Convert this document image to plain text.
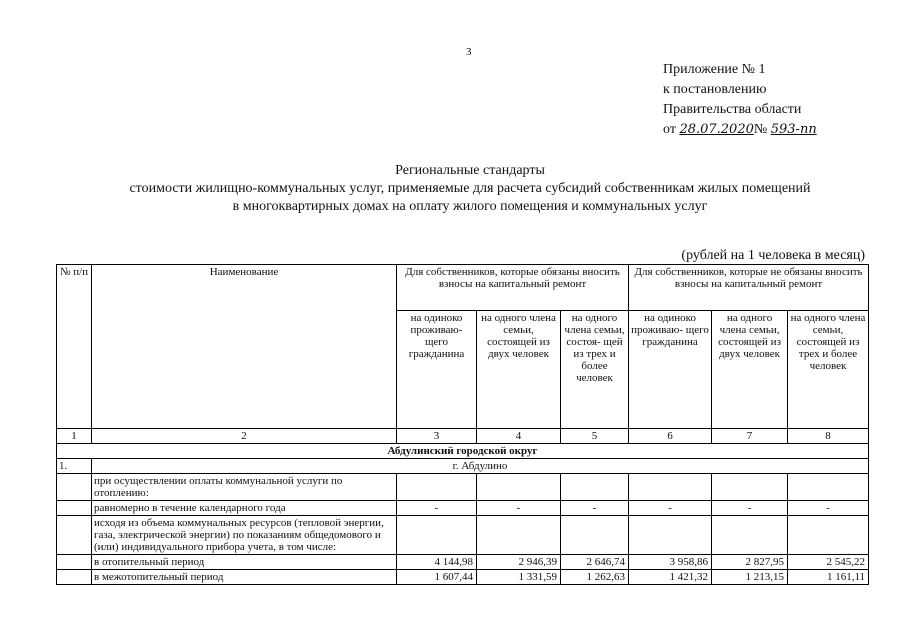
3
Приложение № 1
к постановлению
Правительства области
от 28.07.2020№ 593-пп
Региональные стандарты
стоимости жилищно-коммунальных услуг, применяемые для расчета субсидий собственникам жилых помещений
в многоквартирных домах на оплату жилого помещения и коммунальных услуг
(рублей на 1 человека в месяц)
№ п/п	Наименование	Для собственников, которые обязаны вносить взносы на капитальный ремонт			Для собственников, которые не обязаны вносить взносы на капитальный ремонт		
		на одиноко проживаю- щего гражданина	на одного члена семьи, состоящей из двух человек	на одного члена семьи, состоя- щей из трех и более человек	на одиноко проживаю- щего гражданина	на одного члена семьи, состоящей из двух человек	на одного члена семьи, состоящей из трех и более человек
1	2	3	4	5	6	7	8
Абдулинский городской округ							
1.	г. Абдулино						
	при осуществлении оплаты коммунальной услуги по отоплению:						
	равномерно в течение календарного года	-	-	-	-	-	-
	исходя из объема коммунальных ресурсов (тепловой энергии, газа, электрической энергии) по показаниям общедомового и (или) индивидуального прибора учета, в том числе:						
	в отопительный период	4 144,98	2 946,39	2 646,74	3 958,86	2 827,95	2 545,22
	в межотопительный период	1 607,44	1 331,59	1 262,63	1 421,32	1 213,15	1 161,11
